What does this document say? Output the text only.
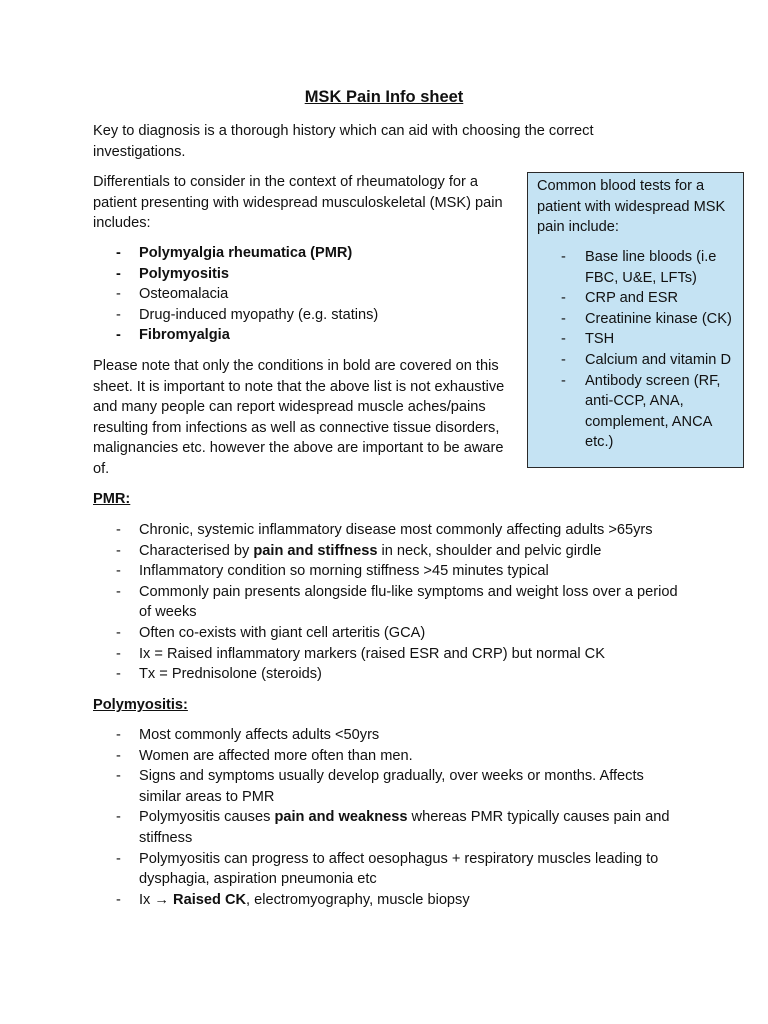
MSK Pain Info sheet

Key to diagnosis is a thorough history which can aid with choosing the correct investigations.

Differentials to consider in the context of rheumatology for a patient presenting with widespread musculoskeletal (MSK) pain includes:

- Polymyalgia rheumatica (PMR)
- Polymyositis
- Osteomalacia
- Drug-induced myopathy (e.g. statins)
- Fibromyalgia

Please note that only the conditions in bold are covered on this sheet. It is important to note that the above list is not exhaustive and many people can report widespread muscle aches/pains resulting from infections as well as connective tissue disorders, malignancies etc. however the above are important to be aware of.

Common blood tests for a patient with widespread MSK pain include:

- Base line bloods (i.e FBC, U&E, LFTs)
- CRP and ESR
- Creatinine kinase (CK)
- TSH
- Calcium and vitamin D
- Antibody screen (RF, anti-CCP, ANA, complement, ANCA etc.)

PMR:

- Chronic, systemic inflammatory disease most commonly affecting adults >65yrs
- Characterised by pain and stiffness in neck, shoulder and pelvic girdle
- Inflammatory condition so morning stiffness >45 minutes typical
- Commonly pain presents alongside flu-like symptoms and weight loss over a period of weeks
- Often co-exists with giant cell arteritis (GCA)
- Ix = Raised inflammatory markers (raised ESR and CRP) but normal CK
- Tx = Prednisolone (steroids)

Polymyositis:

- Most commonly affects adults <50yrs
- Women are affected more often than men.
- Signs and symptoms usually develop gradually, over weeks or months. Affects similar areas to PMR
- Polymyositis causes pain and weakness whereas PMR typically causes pain and stiffness
- Polymyositis can progress to affect oesophagus + respiratory muscles leading to dysphagia, aspiration pneumonia etc
- Ix → Raised CK, electromyography, muscle biopsy
